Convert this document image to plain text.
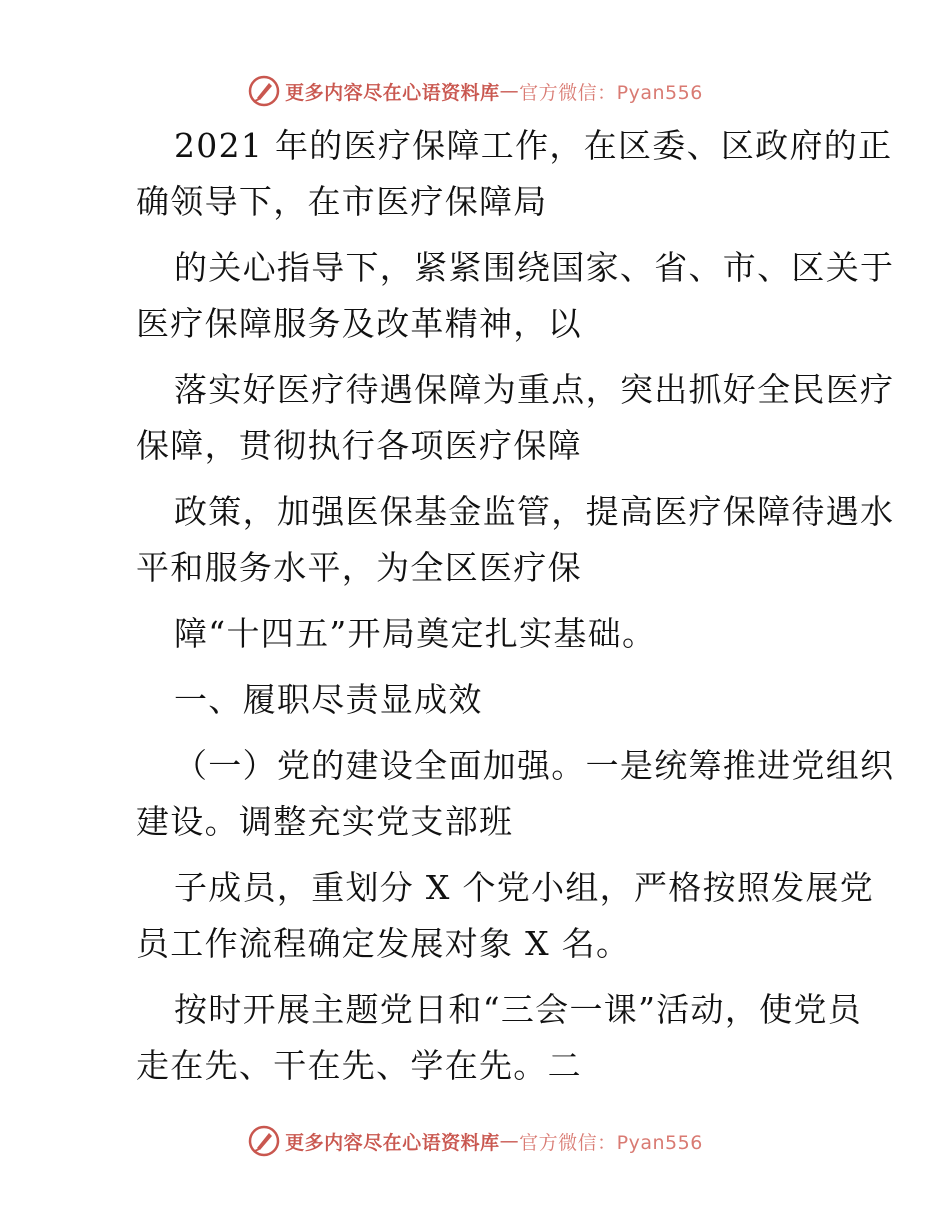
更多内容尽在心语资料库 — 官方微信：Pyan556

2021 年的医疗保障工作，在区委、区政府的正
确领导下，在市医疗保障局

的关心指导下，紧紧围绕国家、省、市、区关于
医疗保障服务及改革精神，以

落实好医疗待遇保障为重点，突出抓好全民医疗
保障，贯彻执行各项医疗保障

政策，加强医保基金监管，提高医疗保障待遇水
平和服务水平，为全区医疗保

障“十四五”开局奠定扎实基础。

一、履职尽责显成效

（一）党的建设全面加强。一是统筹推进党组织
建设。调整充实党支部班

子成员，重划分 X 个党小组，严格按照发展党
员工作流程确定发展对象 X 名。

按时开展主题党日和“三会一课”活动，使党员
走在先、干在先、学在先。二

更多内容尽在心语资料库 — 官方微信：Pyan556
